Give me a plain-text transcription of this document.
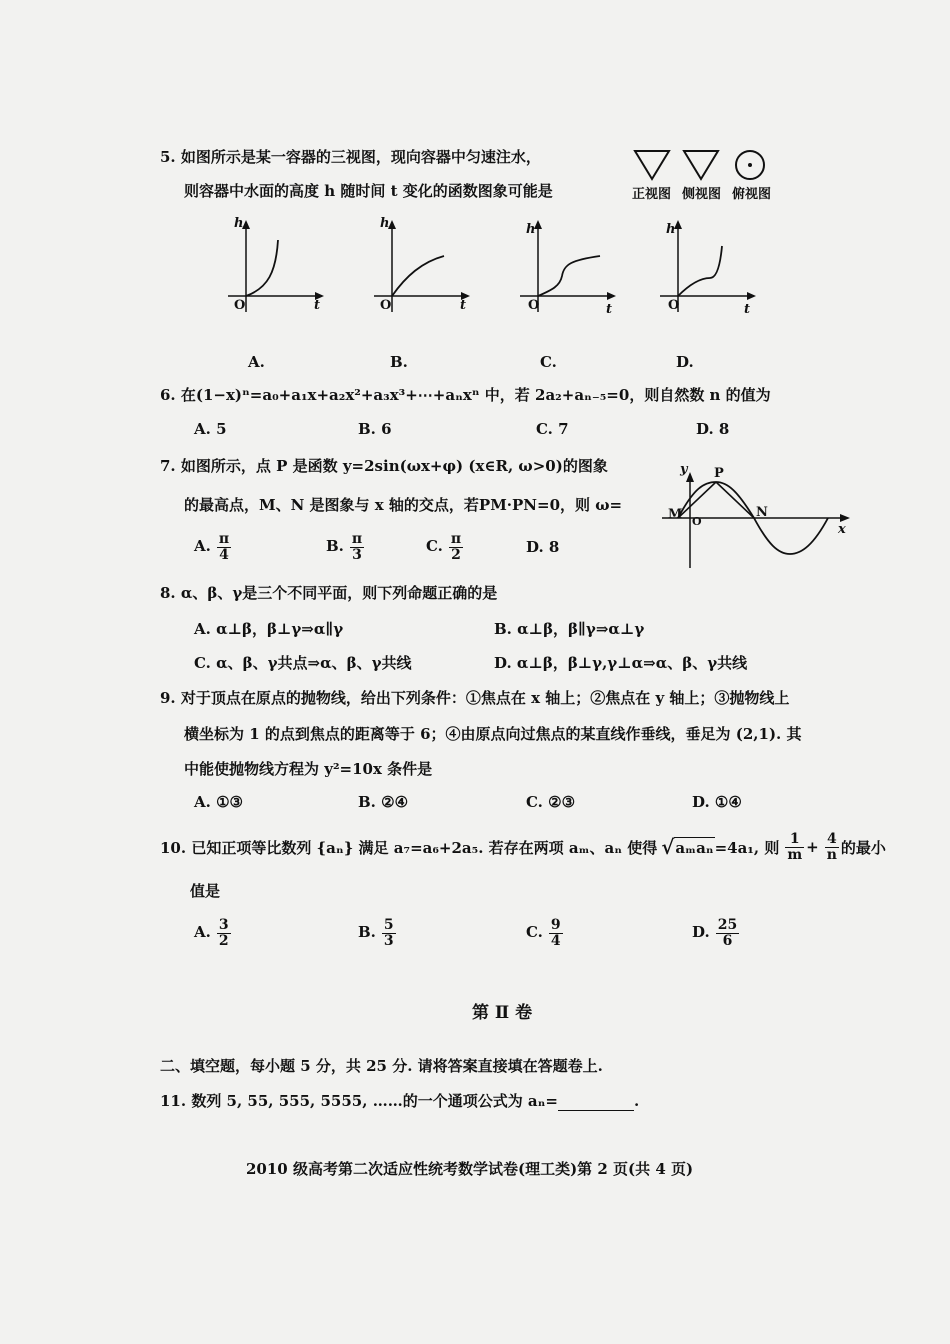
5. 如图所示是某一容器的三视图，现向容器中匀速注水，
则容器中水面的高度 h 随时间 t 变化的函数图象可能是	正视图 侧视图 俯视图
h
O	t
A.
h
O	t
B.
h
O	t
C.
h
O	t
D.
6. 在(1−x)ⁿ=a₀+a₁x+a₂x²+a₃x³+⋯+aₙxⁿ 中，若 2a₂+aₙ₋₅=0，则自然数 n 的值为
A. 5	B. 6	C. 7	D. 8
7. 如图所示，点 P 是函数 y=2sin(ωx+φ) (x∈R, ω>0)的图象
的最高点，M、N 是图象与 x 轴的交点，若PM·PN=0，则 ω=
A. $\frac{\pi}{4}$	B. $\frac{\pi}{3}$	C. $\frac{\pi}{2}$	D. 8
y P
M	N
O
x
8. α、β、γ是三个不同平面，则下列命题正确的是
A. α⊥β，β⊥γ⇒α∥γ	B. α⊥β，β∥γ⇒α⊥γ
C. α、β、γ共点⇒α、β、γ共线	D. α⊥β，β⊥γ,γ⊥α⇒α、β、γ共线
9. 对于顶点在原点的抛物线，给出下列条件：①焦点在 x 轴上；②焦点在 y 轴上；③抛物线上
横坐标为 1 的点到焦点的距离等于 6；④由原点向过焦点的某直线作垂线，垂足为 (2,1). 其
中能使抛物线方程为 y²=10x 条件是
A. ①③	B. ②④	C. ②③	D. ①④
10. 已知正项等比数列 {aₙ} 满足 a₇=a₆+2a₅. 若存在两项 aₘ、aₙ 使得 √ aₘaₙ =4a₁, 则 $\frac{1}{m} + \frac{4}{n}$ 的最小
值是
A. $\frac{3}{2}$	B. $\frac{5}{3}$	C. $\frac{9}{4}$	D. $\frac{25}{6}$
第 Ⅱ 卷
二、填空题，每小题 5 分，共 25 分. 请将答案直接填在答题卷上.
11. 数列 5, 55, 555, 5555, ……的一个通项公式为 aₙ=	.
2010 级高考第二次适应性统考数学试卷(理工类)第 2 页(共 4 页)
